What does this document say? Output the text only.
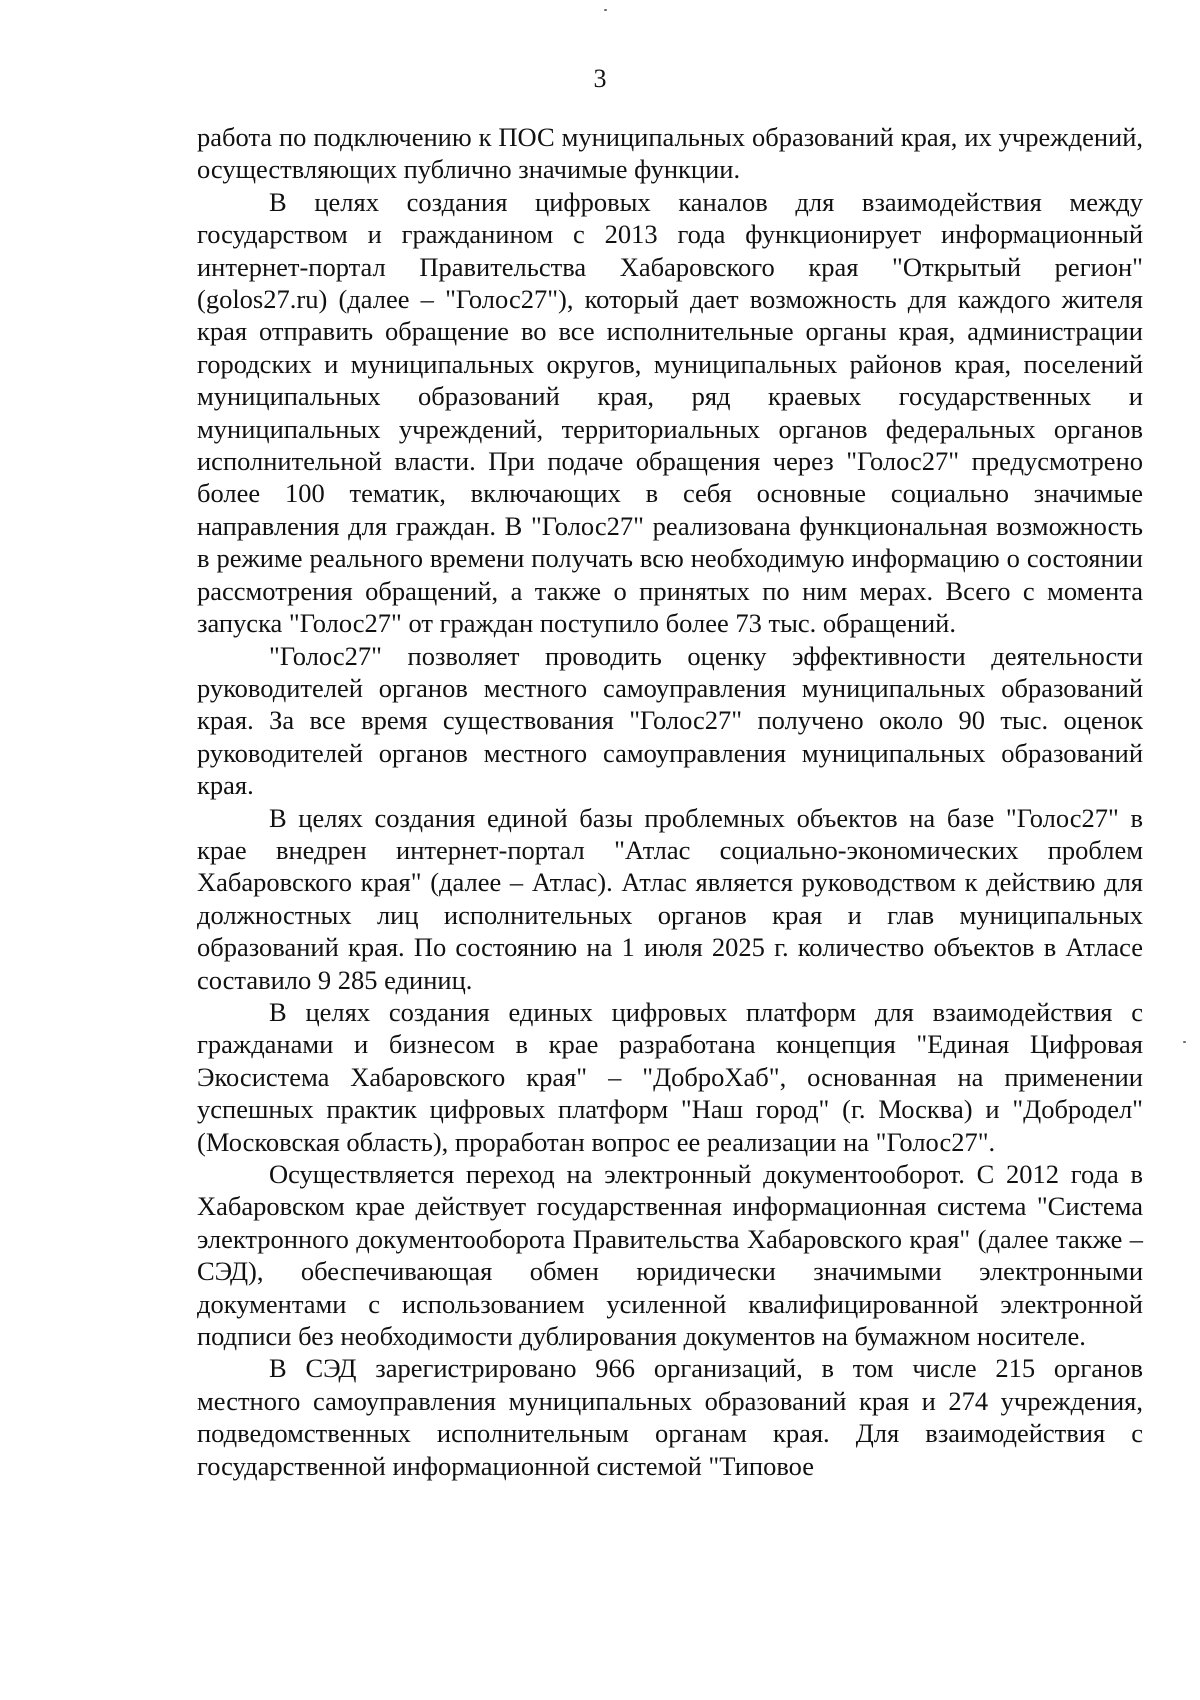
3

работа по подключению к ПОС муниципальных образований края, их учреждений, осуществляющих публично значимые функции.

В целях создания цифровых каналов для взаимодействия между государством и гражданином с 2013 года функционирует информационный интернет-портал Правительства Хабаровского края "Открытый регион" (golos27.ru) (далее – "Голос27"), который дает возможность для каждого жителя края отправить обращение во все исполнительные органы края, администрации городских и муниципальных округов, муниципальных районов края, поселений муниципальных образований края, ряд краевых государственных и муниципальных учреждений, территориальных органов федеральных органов исполнительной власти. При подаче обращения через "Голос27" предусмотрено более 100 тематик, включающих в себя основные социально значимые направления для граждан. В "Голос27" реализована функциональная возможность в режиме реального времени получать всю необходимую информацию о состоянии рассмотрения обращений, а также о принятых по ним мерах. Всего с момента запуска "Голос27" от граждан поступило более 73 тыс. обращений.

"Голос27" позволяет проводить оценку эффективности деятельности руководителей органов местного самоуправления муниципальных образований края. За все время существования "Голос27" получено около 90 тыс. оценок руководителей органов местного самоуправления муниципальных образований края.

В целях создания единой базы проблемных объектов на базе "Голос27" в крае внедрен интернет-портал "Атлас социально-экономических проблем Хабаровского края" (далее – Атлас). Атлас является руководством к действию для должностных лиц исполнительных органов края и глав муниципальных образований края. По состоянию на 1 июля 2025 г. количество объектов в Атласе составило 9 285 единиц.

В целях создания единых цифровых платформ для взаимодействия с гражданами и бизнесом в крае разработана концепция "Единая Цифровая Экосистема Хабаровского края" – "ДоброХаб", основанная на применении успешных практик цифровых платформ "Наш город" (г. Москва) и "Добродел" (Московская область), проработан вопрос ее реализации на "Голос27".

Осуществляется переход на электронный документооборот. С 2012 года в Хабаровском крае действует государственная информационная система "Система электронного документооборота Правительства Хабаровского края" (далее также – СЭД), обеспечивающая обмен юридически значимыми электронными документами с использованием усиленной квалифицированной электронной подписи без необходимости дублирования документов на бумажном носителе.

В СЭД зарегистрировано 966 организаций, в том числе 215 органов местного самоуправления муниципальных образований края и 274 учреждения, подведомственных исполнительным органам края. Для взаимодействия с государственной информационной системой "Типовое
